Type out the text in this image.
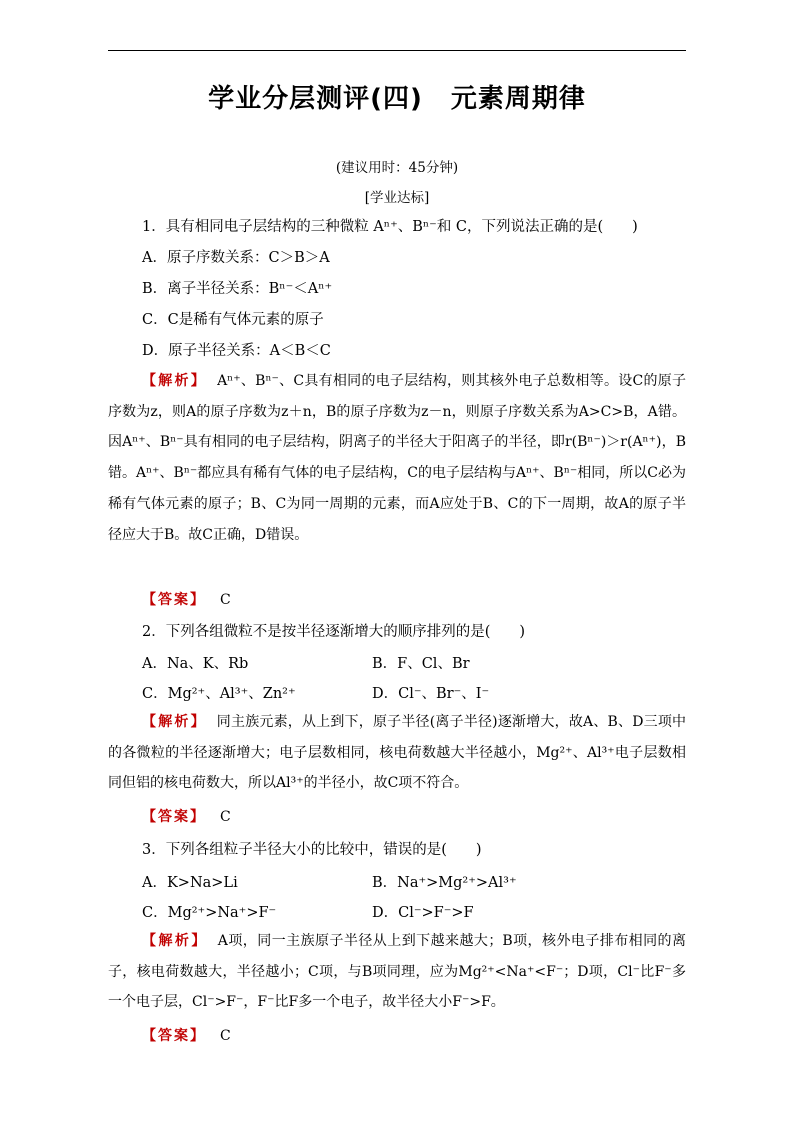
学业分层测评(四) 元素周期律
(建议用时：45分钟)
[学业达标]
1．具有相同电子层结构的三种微粒 Aⁿ⁺、Bⁿ⁻和 C，下列说法正确的是(　　)
A．原子序数关系：C＞B＞A
B．离子半径关系：Bⁿ⁻＜Aⁿ⁺
C．C是稀有气体元素的原子
D．原子半径关系：A＜B＜C
【解析】 Aⁿ⁺、Bⁿ⁻、C具有相同的电子层结构，则其核外电子总数相等。设C的原子序数为z，则A的原子序数为z＋n，B的原子序数为z－n，则原子序数关系为A>C>B，A错。因Aⁿ⁺、Bⁿ⁻具有相同的电子层结构，阴离子的半径大于阳离子的半径，即r(Bⁿ⁻)＞r(Aⁿ⁺)，B错。Aⁿ⁺、Bⁿ⁻都应具有稀有气体的电子层结构，C的电子层结构与Aⁿ⁺、Bⁿ⁻相同，所以C必为稀有气体元素的原子；B、C为同一周期的元素，而A应处于B、C的下一周期，故A的原子半径应大于B。故C正确，D错误。
【答案】 C
2．下列各组微粒不是按半径逐渐增大的顺序排列的是(　　)
A．Na、K、Rb	B．F、Cl、Br
C．Mg²⁺、Al³⁺、Zn²⁺	D．Cl⁻、Br⁻、I⁻
【解析】 同主族元素，从上到下，原子半径(离子半径)逐渐增大，故A、B、D三项中的各微粒的半径逐渐增大；电子层数相同，核电荷数越大半径越小，Mg²⁺、Al³⁺电子层数相同但铝的核电荷数大，所以Al³⁺的半径小，故C项不符合。
【答案】 C
3．下列各组粒子半径大小的比较中，错误的是(　　)
A．K>Na>Li	B．Na⁺>Mg²⁺>Al³⁺
C．Mg²⁺>Na⁺>F⁻	D．Cl⁻>F⁻>F
【解析】 A项，同一主族原子半径从上到下越来越大；B项，核外电子排布相同的离子，核电荷数越大，半径越小；C项，与B项同理，应为Mg²⁺<Na⁺<F⁻；D项，Cl⁻比F⁻多一个电子层，Cl⁻>F⁻，F⁻比F多一个电子，故半径大小F⁻>F。
【答案】 C
